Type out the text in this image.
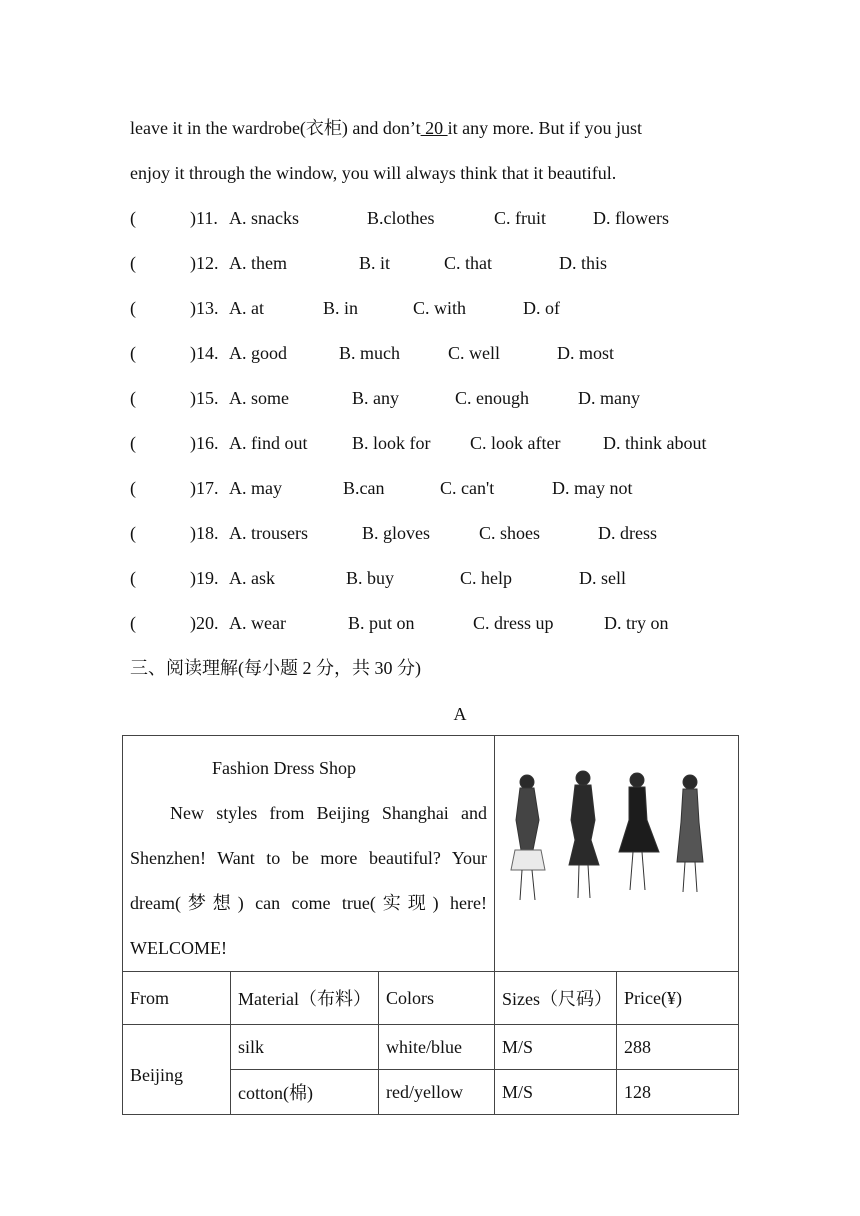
leave it in the wardrobe(衣柜) and don’t 20 it any more. But if you just
enjoy it through the window, you will always think that it beautiful.
(            )11. A. snacks	B.clothes	C. fruit	D. flowers
(            )12. A. them	B. it	C. that	D. this
(            )13. A. at	B. in	C. with	D. of
(            )14. A. good	B. much	C. well	D. most
(            )15. A. some	B. any	C. enough	D. many
(            )16. A. find out B. look for C. look after D. think about
(            )17. A. may	B.can	C. can't	D. may not
(            )18. A. trousers	B. gloves	C. shoes	D. dress
(            )19. A. ask	B. buy	C. help	D. sell
(            )20. A. wear	B. put on	C. dress up	D. try on
三、阅读理解(每小题 2 分，共 30 分)
A

Fashion Dress Shop

New styles from Beijing Shanghai and Shenzhen! Want to be more beautiful? Your dream(梦想) can come true(实现) here! WELCOME!

From	Material（布料）	Colors	Sizes（尺码）	Price(¥)
Beijing	silk	white/blue	M/S	288
	cotton(棉)	red/yellow	M/S	128
